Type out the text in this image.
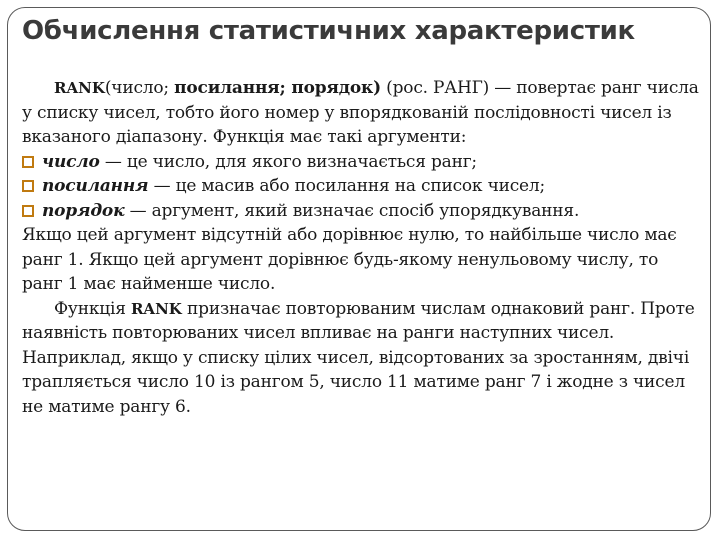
Обчислення статистичних характеристик

RANK(число; посилання; порядок) (рос. РАНГ) — повертає ранг числа у списку чисел, тобто його номер у впорядкованій послідовності чисел із вказаного діапазону. Функція має такі аргументи:

число — це число, для якого визначається ранг;
посилання — це масив або посилання на список чисел;
порядок — аргумент, який визначає спосіб упорядкування.

Якщо цей аргумент відсутній або дорівнює нулю, то найбільше число має ранг 1. Якщо цей аргумент дорівнює будь-якому ненульовому числу, то ранг 1 має найменше число.

Функція RANK призначає повторюваним числам однаковий ранг. Проте наявність повторюваних чисел впливає на ранги наступних чисел. Наприклад, якщо у списку цілих чисел, відсортованих за зростанням, двічі трапляється число 10 із рангом 5, число 11 матиме ранг 7 і жодне з чисел не матиме рангу 6.
